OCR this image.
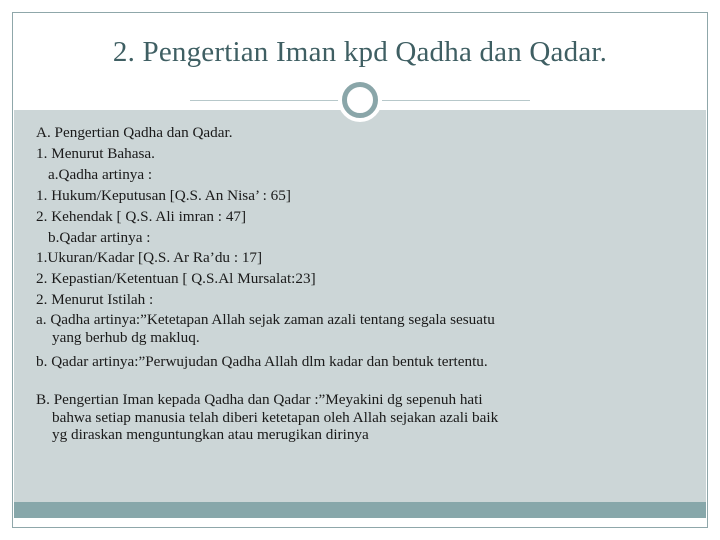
2. Pengertian Iman kpd Qadha dan Qadar.
A. Pengertian Qadha dan Qadar.
1. Menurut Bahasa.
a.Qadha artinya :
1. Hukum/Keputusan [Q.S. An Nisa’ : 65]
2. Kehendak [ Q.S. Ali imran : 47]
b.Qadar artinya :
1.Ukuran/Kadar [Q.S. Ar Ra’du : 17]
2. Kepastian/Ketentuan [ Q.S.Al Mursalat:23]
2. Menurut Istilah :
a. Qadha artinya:”Ketetapan Allah sejak zaman azali tentang segala sesuatu
yang berhub dg makluq.
b. Qadar artinya:”Perwujudan Qadha Allah dlm kadar dan bentuk tertentu.
B. Pengertian Iman kepada Qadha dan Qadar :”Meyakini dg sepenuh hati
bahwa setiap manusia telah diberi ketetapan oleh Allah sejakan azali baik
yg diraskan menguntungkan atau merugikan dirinya
